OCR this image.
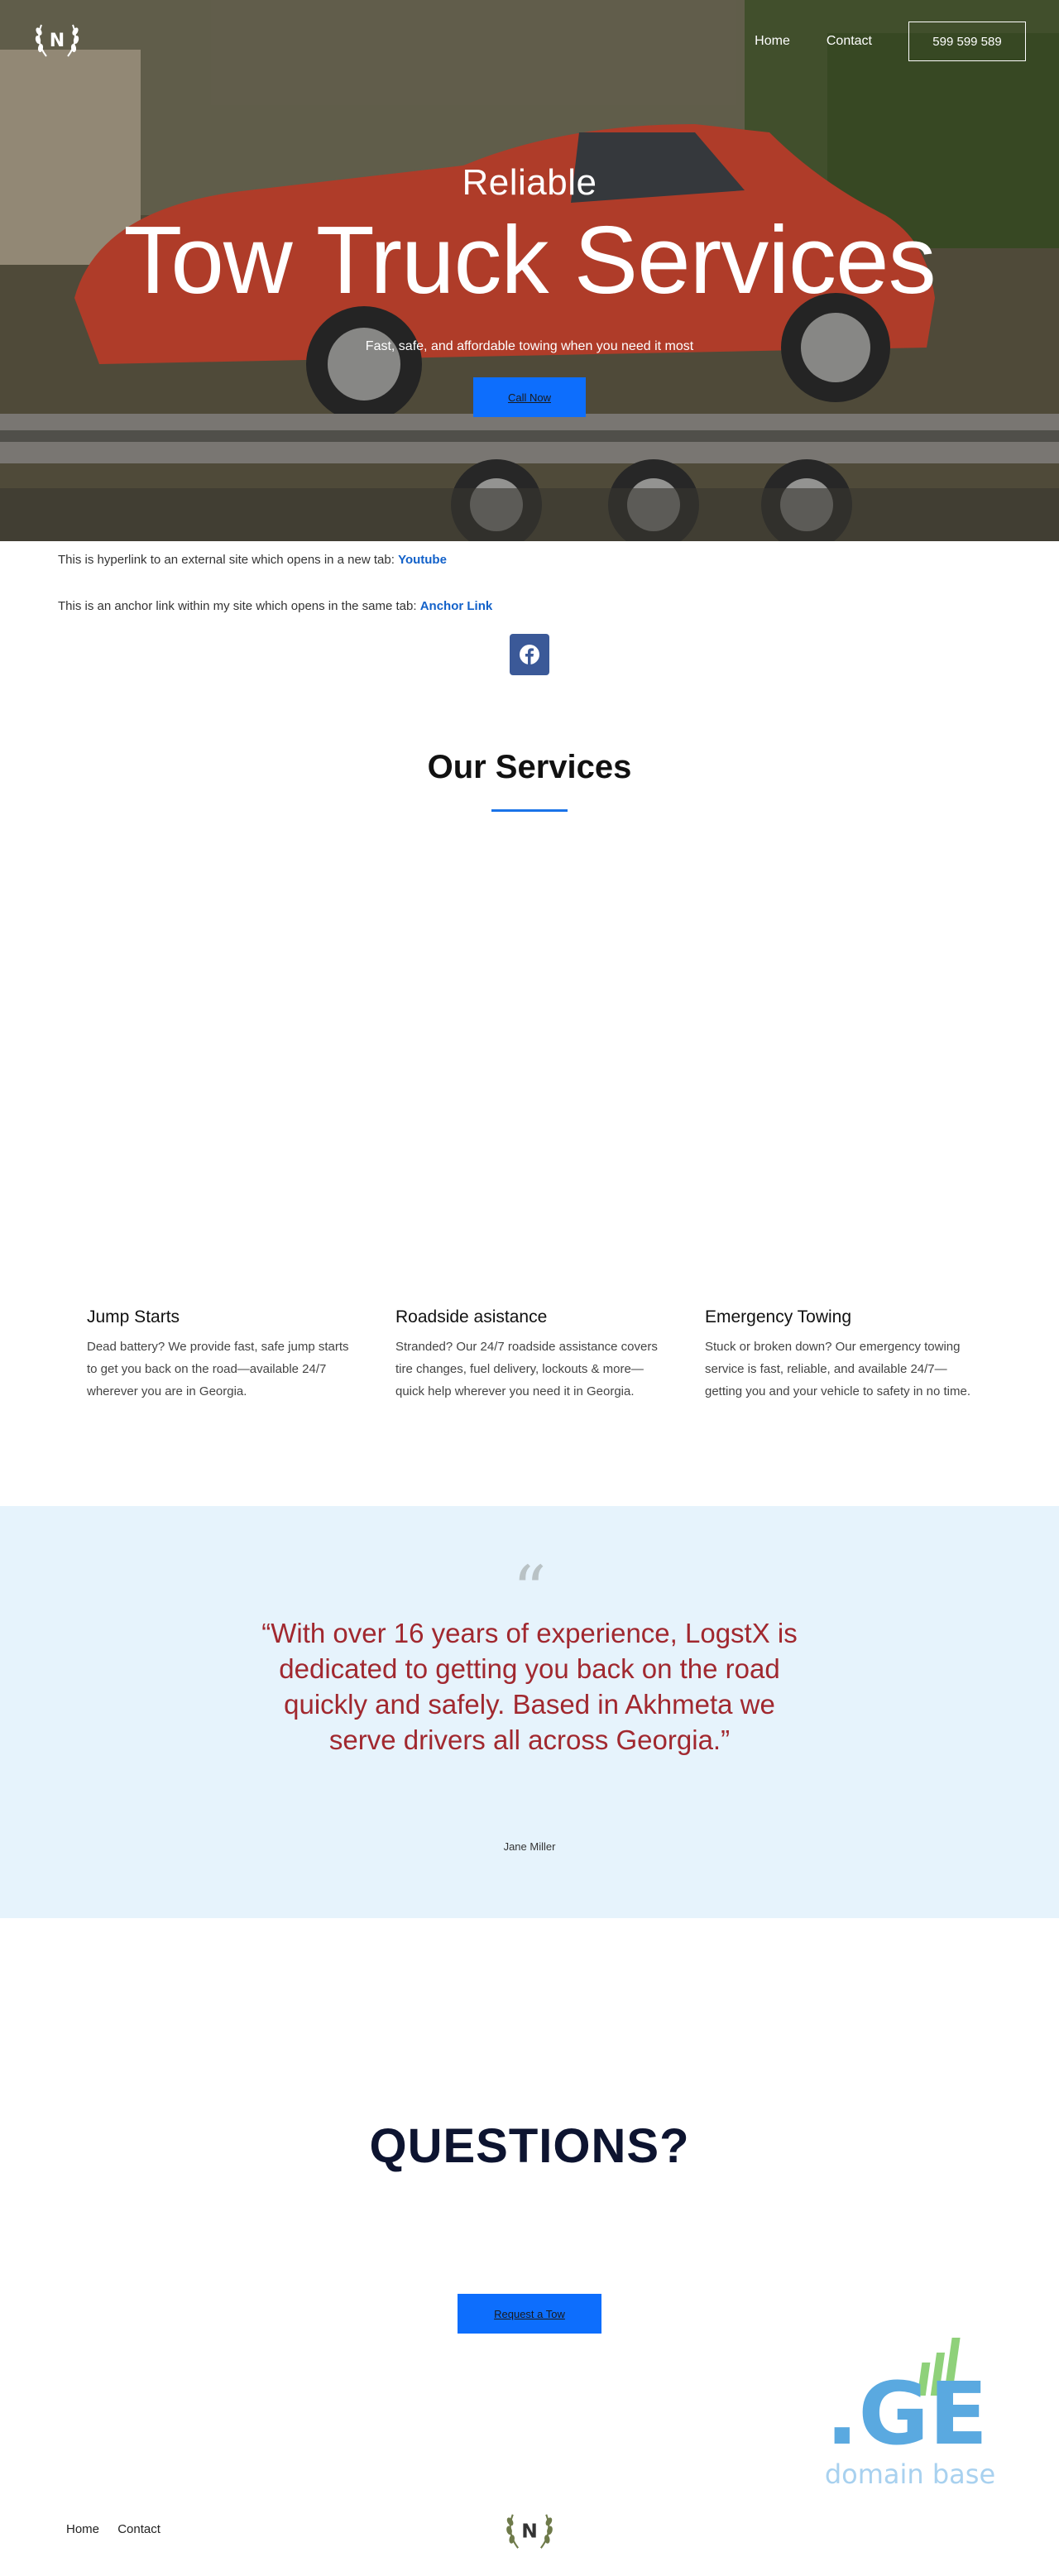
N	Home	Contact	599 599 589
Reliable
Tow Truck Services
Fast, safe, and affordable towing when you need it most
Call Now

This is hyperlink to an external site which opens in a new tab: Youtube

This is an anchor link within my site which opens in the same tab: Anchor Link

Our Services
Jump Starts

Dead battery? We provide fast, safe jump starts to get you back on the road—available 24/7 wherever you are in Georgia.

Roadside asistance

Stranded? Our 24/7 roadside assistance covers tire changes, fuel delivery, lockouts & more—quick help wherever you need it in Georgia.

Emergency Towing

Stuck or broken down? Our emergency towing service is fast, reliable, and available 24/7—getting you and your vehicle to safety in no time.

“

“With over 16 years of experience, LogstX is dedicated to getting you back on the road quickly and safely. Based in Akhmeta we serve drivers all across Georgia.”

Jane Miller

QUESTIONS?
Request a Tow
.GE
domain base
Home Contact	N
